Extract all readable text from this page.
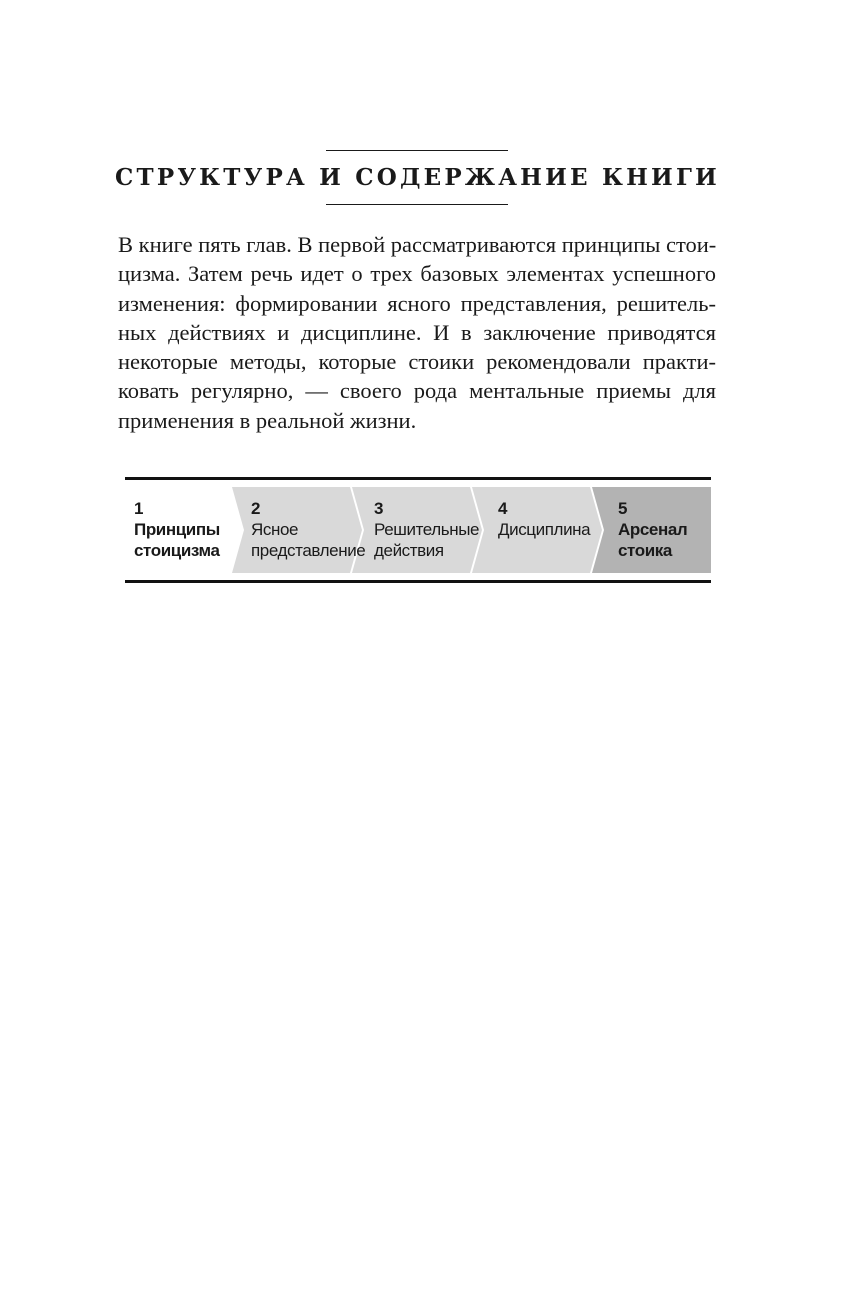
СТРУКТУРА И СОДЕРЖАНИЕ КНИГИ
В книге пять глав. В первой рассматриваются принципы стои-
цизма. Затем речь идет о трех базовых элементах успешного
изменения: формировании ясного представления, решитель-
ных действиях и дисциплине. И в заключение приводятся
некоторые методы, которые стоики рекомендовали практи-
ковать регулярно, — своего рода ментальные приемы для
применения в реальной жизни.
1
Принципы
стоицизма
2
Ясное
представление
3
Решительные
действия
4
Дисциплина
5
Арсенал
стоика
